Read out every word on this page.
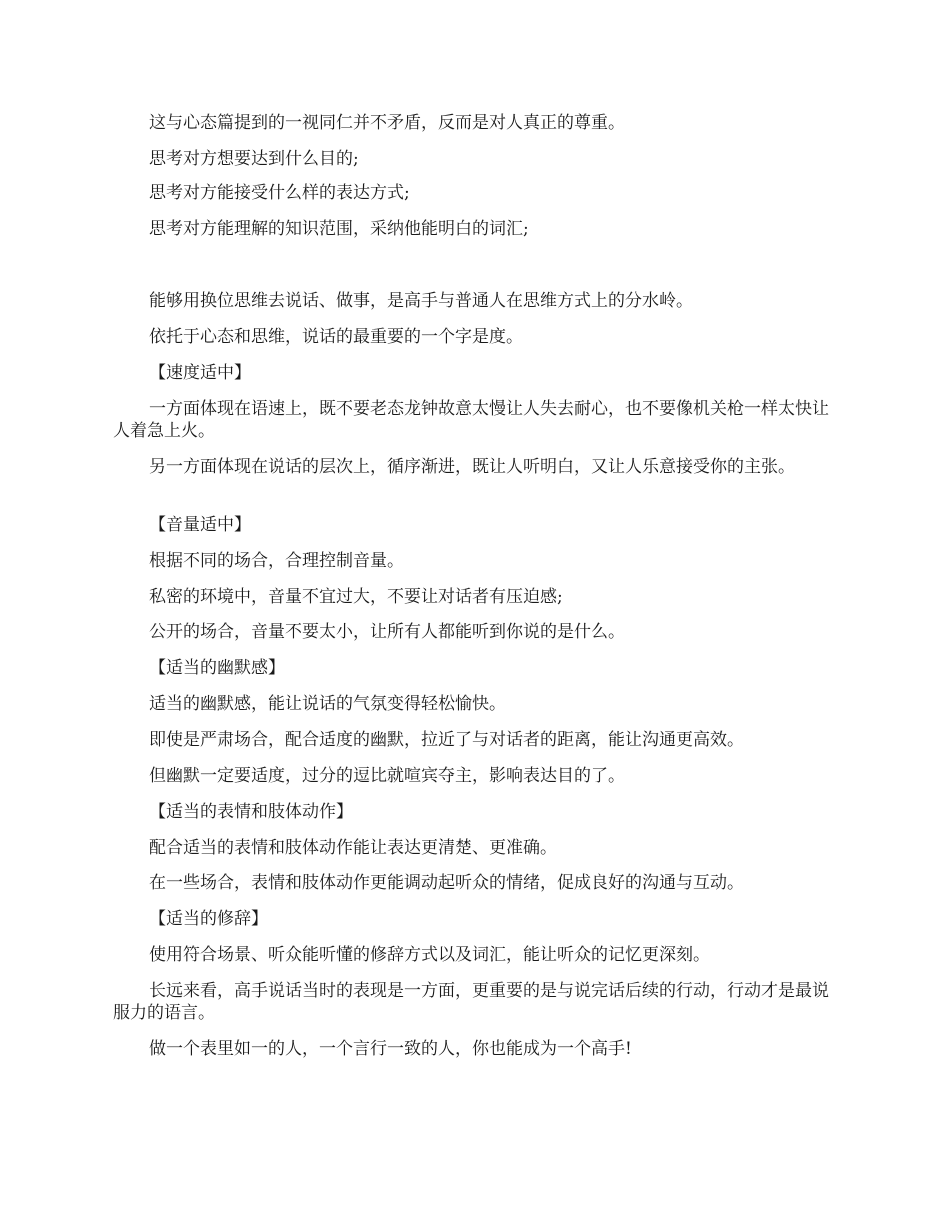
这与心态篇提到的一视同仁并不矛盾，反而是对人真正的尊重。

思考对方想要达到什么目的;

思考对方能接受什么样的表达方式;

思考对方能理解的知识范围，采纳他能明白的词汇;

能够用换位思维去说话、做事，是高手与普通人在思维方式上的分水岭。

依托于心态和思维，说话的最重要的一个字是度。

【速度适中】

一方面体现在语速上，既不要老态龙钟故意太慢让人失去耐心，也不要像机关枪一样太快让人着急上火。

另一方面体现在说话的层次上，循序渐进，既让人听明白，又让人乐意接受你的主张。

【音量适中】

根据不同的场合，合理控制音量。

私密的环境中，音量不宜过大，不要让对话者有压迫感;

公开的场合，音量不要太小，让所有人都能听到你说的是什么。

【适当的幽默感】

适当的幽默感，能让说话的气氛变得轻松愉快。

即使是严肃场合，配合适度的幽默，拉近了与对话者的距离，能让沟通更高效。

但幽默一定要适度，过分的逗比就喧宾夺主，影响表达目的了。

【适当的表情和肢体动作】

配合适当的表情和肢体动作能让表达更清楚、更准确。

在一些场合，表情和肢体动作更能调动起听众的情绪，促成良好的沟通与互动。

【适当的修辞】

使用符合场景、听众能听懂的修辞方式以及词汇，能让听众的记忆更深刻。

长远来看，高手说话当时的表现是一方面，更重要的是与说完话后续的行动，行动才是最说服力的语言。

做一个表里如一的人，一个言行一致的人，你也能成为一个高手!
